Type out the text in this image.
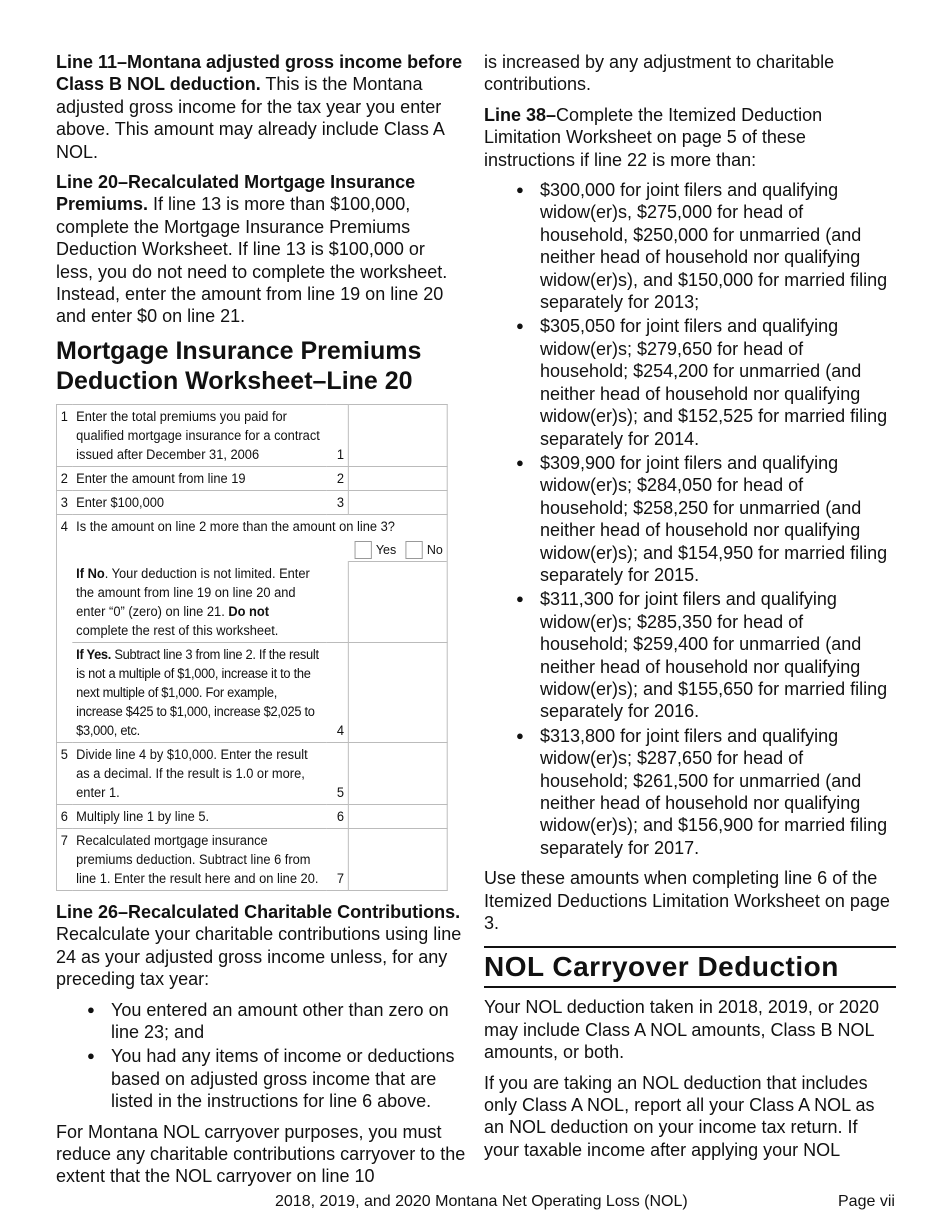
Line 11–Montana adjusted gross income before Class B NOL deduction. This is the Montana adjusted gross income for the tax year you enter above. This amount may already include Class A NOL.

Line 20–Recalculated Mortgage Insurance Premiums. If line 13 is more than $100,000, complete the Mortgage Insurance Premiums Deduction Worksheet. If line 13 is $100,000 or less, you do not need to complete the worksheet. Instead, enter the amount from line 19 on line 20 and enter $0 on line 21.

Mortgage Insurance Premiums Deduction Worksheet–Line 20
1	Enter the total premiums you paid for qualified mortgage insurance for a contract issued after December 31, 2006	1	
2	Enter the amount from line 19	2	
3	Enter $100,000	3	
4	Is the amount on line 2 more than the amount on line 3?
Yes No		

	If No. Your deduction is not limited. Enter the amount from line 19 on line 20 and enter “0” (zero) on line 21. Do not complete the rest of this worksheet.		
	If Yes. Subtract line 3 from line 2. If the result is not a multiple of $1,000, increase it to the next multiple of $1,000. For example, increase $425 to $1,000, increase $2,025 to $3,000, etc.	4	
5	Divide line 4 by $10,000. Enter the result as a decimal. If the result is 1.0 or more, enter 1.	5	
6	Multiply line 1 by line 5.	6	
7	Recalculated mortgage insurance premiums deduction. Subtract line 6 from line 1. Enter the result here and on line 20.	7	

Line 26–Recalculated Charitable Contributions. Recalculate your charitable contributions using line 24 as your adjusted gross income unless, for any preceding tax year:

● You entered an amount other than zero on line 23; and
● You had any items of income or deductions based on adjusted gross income that are listed in the instructions for line 6 above.

For Montana NOL carryover purposes, you must reduce any charitable contributions carryover to the extent that the NOL carryover on line 10

is increased by any adjustment to charitable contributions.

Line 38–Complete the Itemized Deduction Limitation Worksheet on page 5 of these instructions if line 22 is more than:

● $300,000 for joint filers and qualifying widow(er)s, $275,000 for head of household, $250,000 for unmarried (and neither head of household nor qualifying widow(er)s), and $150,000 for married filing separately for 2013;
● $305,050 for joint filers and qualifying widow(er)s; $279,650 for head of household; $254,200 for unmarried (and neither head of household nor qualifying widow(er)s); and $152,525 for married filing separately for 2014.
● $309,900 for joint filers and qualifying widow(er)s; $284,050 for head of household; $258,250 for unmarried (and neither head of household nor qualifying widow(er)s); and $154,950 for married filing separately for 2015.
● $311,300 for joint filers and qualifying widow(er)s; $285,350 for head of household; $259,400 for unmarried (and neither head of household nor qualifying widow(er)s); and $155,650 for married filing separately for 2016.
● $313,800 for joint filers and qualifying widow(er)s; $287,650 for head of household; $261,500 for unmarried (and neither head of household nor qualifying widow(er)s); and $156,900 for married filing separately for 2017.

Use these amounts when completing line 6 of the Itemized Deductions Limitation Worksheet on page 3.

NOL Carryover Deduction

Your NOL deduction taken in 2018, 2019, or 2020 may include Class A NOL amounts, Class B NOL amounts, or both.

If you are taking an NOL deduction that includes only Class A NOL, report all your Class A NOL as an NOL deduction on your income tax return. If your taxable income after applying your NOL

2018, 2019, and 2020 Montana Net Operating Loss (NOL)	Page vii
